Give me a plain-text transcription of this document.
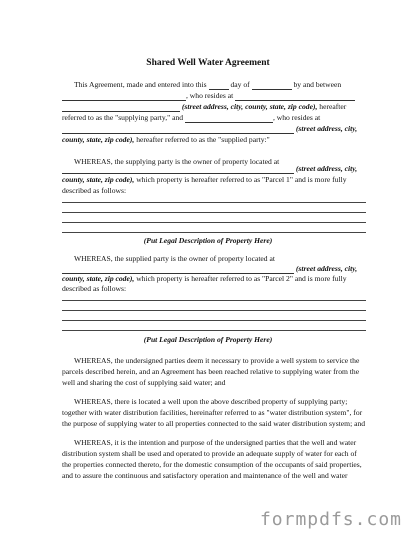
Shared Well Water Agreement
This Agreement, made and entered into this	day of	by and between
, who resides at
(street address, city, county, state, zip code), hereafter
referred to as the "supplying party," and	, who resides at
(street address, city,
county, state, zip code), hereafter referred to as the "supplied party:"
WHEREAS, the supplying party is the owner of property located at
(street address, city,
county, state, zip code), which property is hereafter referred to as "Parcel 1" and is more fully
described as follows:
(Put Legal Description of Property Here)
WHEREAS, the supplied party is the owner of property located at
(street address, city,
county, state, zip code), which property is hereafter referred to as "Parcel 2" and is more fully
described as follows:
(Put Legal Description of Property Here)
WHEREAS, the undersigned parties deem it necessary to provide a well system to service the
parcels described herein, and an Agreement has been reached relative to supplying water from the
well and sharing the cost of supplying said water; and
WHEREAS, there is located a well upon the above described property of supplying party;
together with water distribution facilities, hereinafter referred to as "water distribution system", for
the purpose of supplying water to all properties connected to the said water distribution system; and
WHEREAS, it is the intention and purpose of the undersigned parties that the well and water
distribution system shall be used and operated to provide an adequate supply of water for each of
the properties connected thereto, for the domestic consumption of the occupants of said properties,
and to assure the continuous and satisfactory operation and maintenance of the well and water
formpdfs.com
